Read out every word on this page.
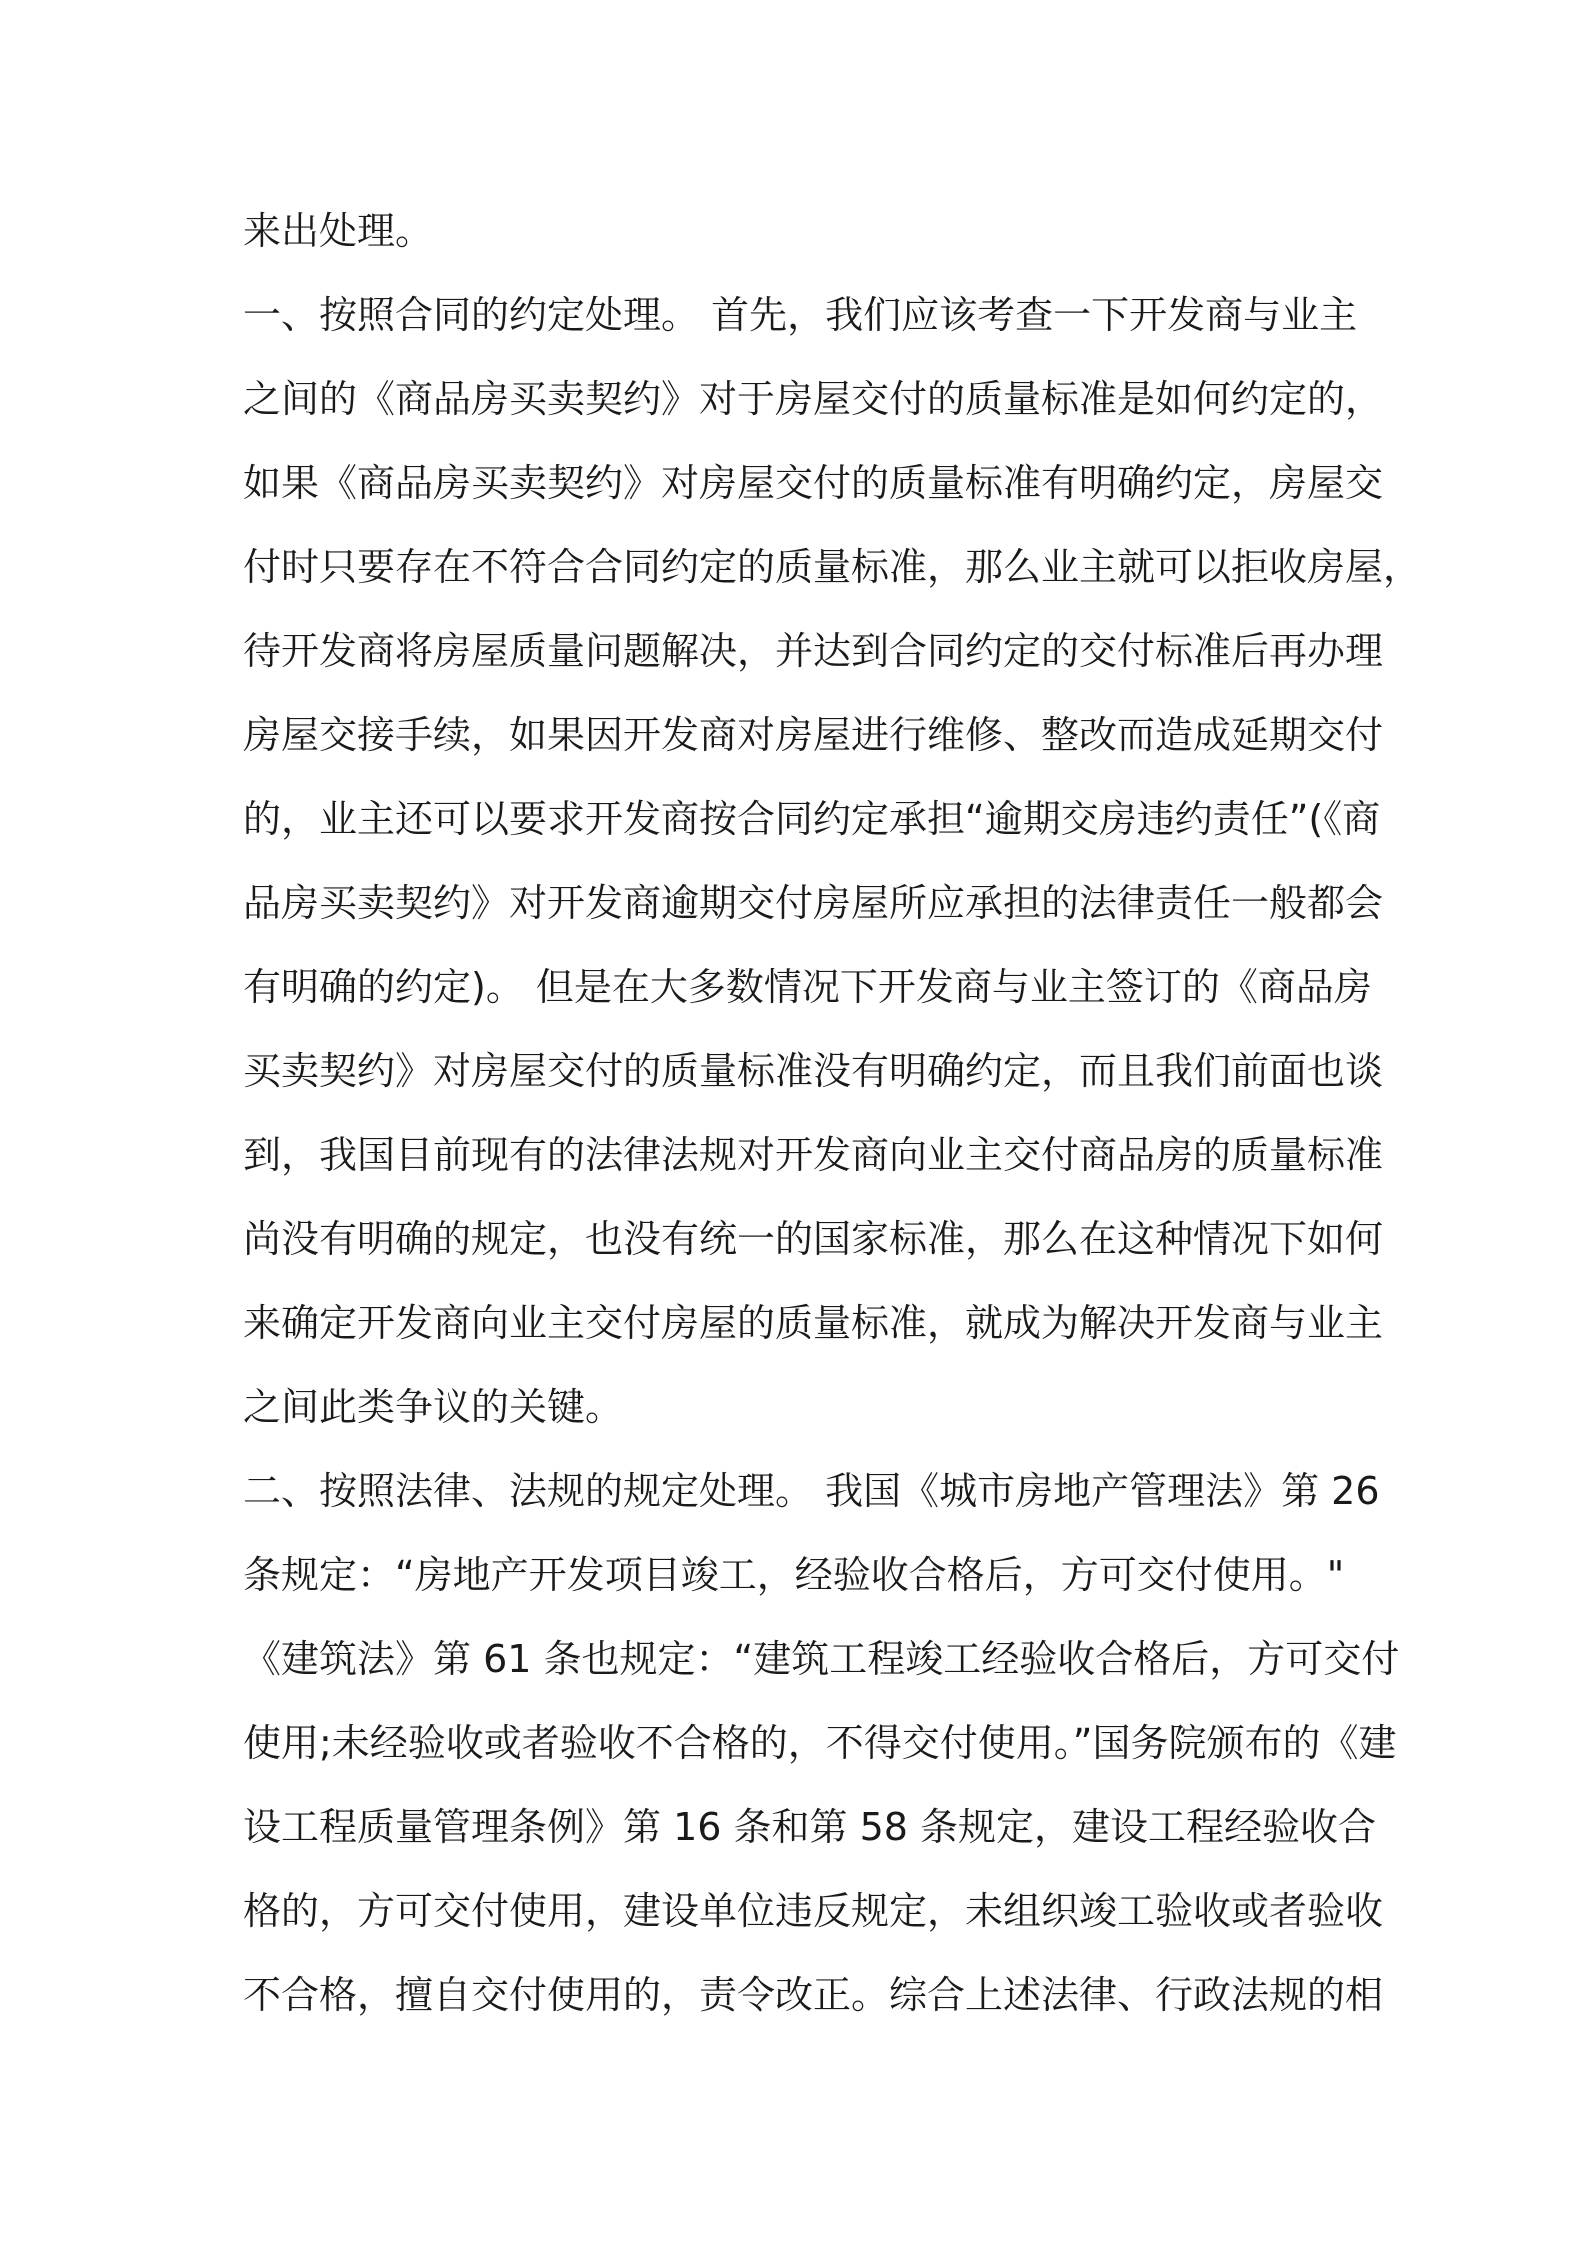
来出处理。
一、按照合同的约定处理。 首先，我们应该考查一下开发商与业主
之间的《商品房买卖契约》对于房屋交付的质量标准是如何约定的，
如果《商品房买卖契约》对房屋交付的质量标准有明确约定，房屋交
付时只要存在不符合合同约定的质量标准，那么业主就可以拒收房屋，
待开发商将房屋质量问题解决，并达到合同约定的交付标准后再办理
房屋交接手续，如果因开发商对房屋进行维修、整改而造成延期交付
的，业主还可以要求开发商按合同约定承担“逾期交房违约责任”(《商
品房买卖契约》对开发商逾期交付房屋所应承担的法律责任一般都会
有明确的约定)。 但是在大多数情况下开发商与业主签订的《商品房
买卖契约》对房屋交付的质量标准没有明确约定，而且我们前面也谈
到，我国目前现有的法律法规对开发商向业主交付商品房的质量标准
尚没有明确的规定，也没有统一的国家标准，那么在这种情况下如何
来确定开发商向业主交付房屋的质量标准，就成为解决开发商与业主
之间此类争议的关键。
二、按照法律、法规的规定处理。 我国《城市房地产管理法》第 26
条规定：“房地产开发项目竣工，经验收合格后，方可交付使用。"
《建筑法》第 61 条也规定：“建筑工程竣工经验收合格后，方可交付
使用;未经验收或者验收不合格的，不得交付使用。”国务院颁布的《建
设工程质量管理条例》第 16 条和第 58 条规定，建设工程经验收合
格的，方可交付使用，建设单位违反规定，未组织竣工验收或者验收
不合格，擅自交付使用的，责令改正。综合上述法律、行政法规的相
